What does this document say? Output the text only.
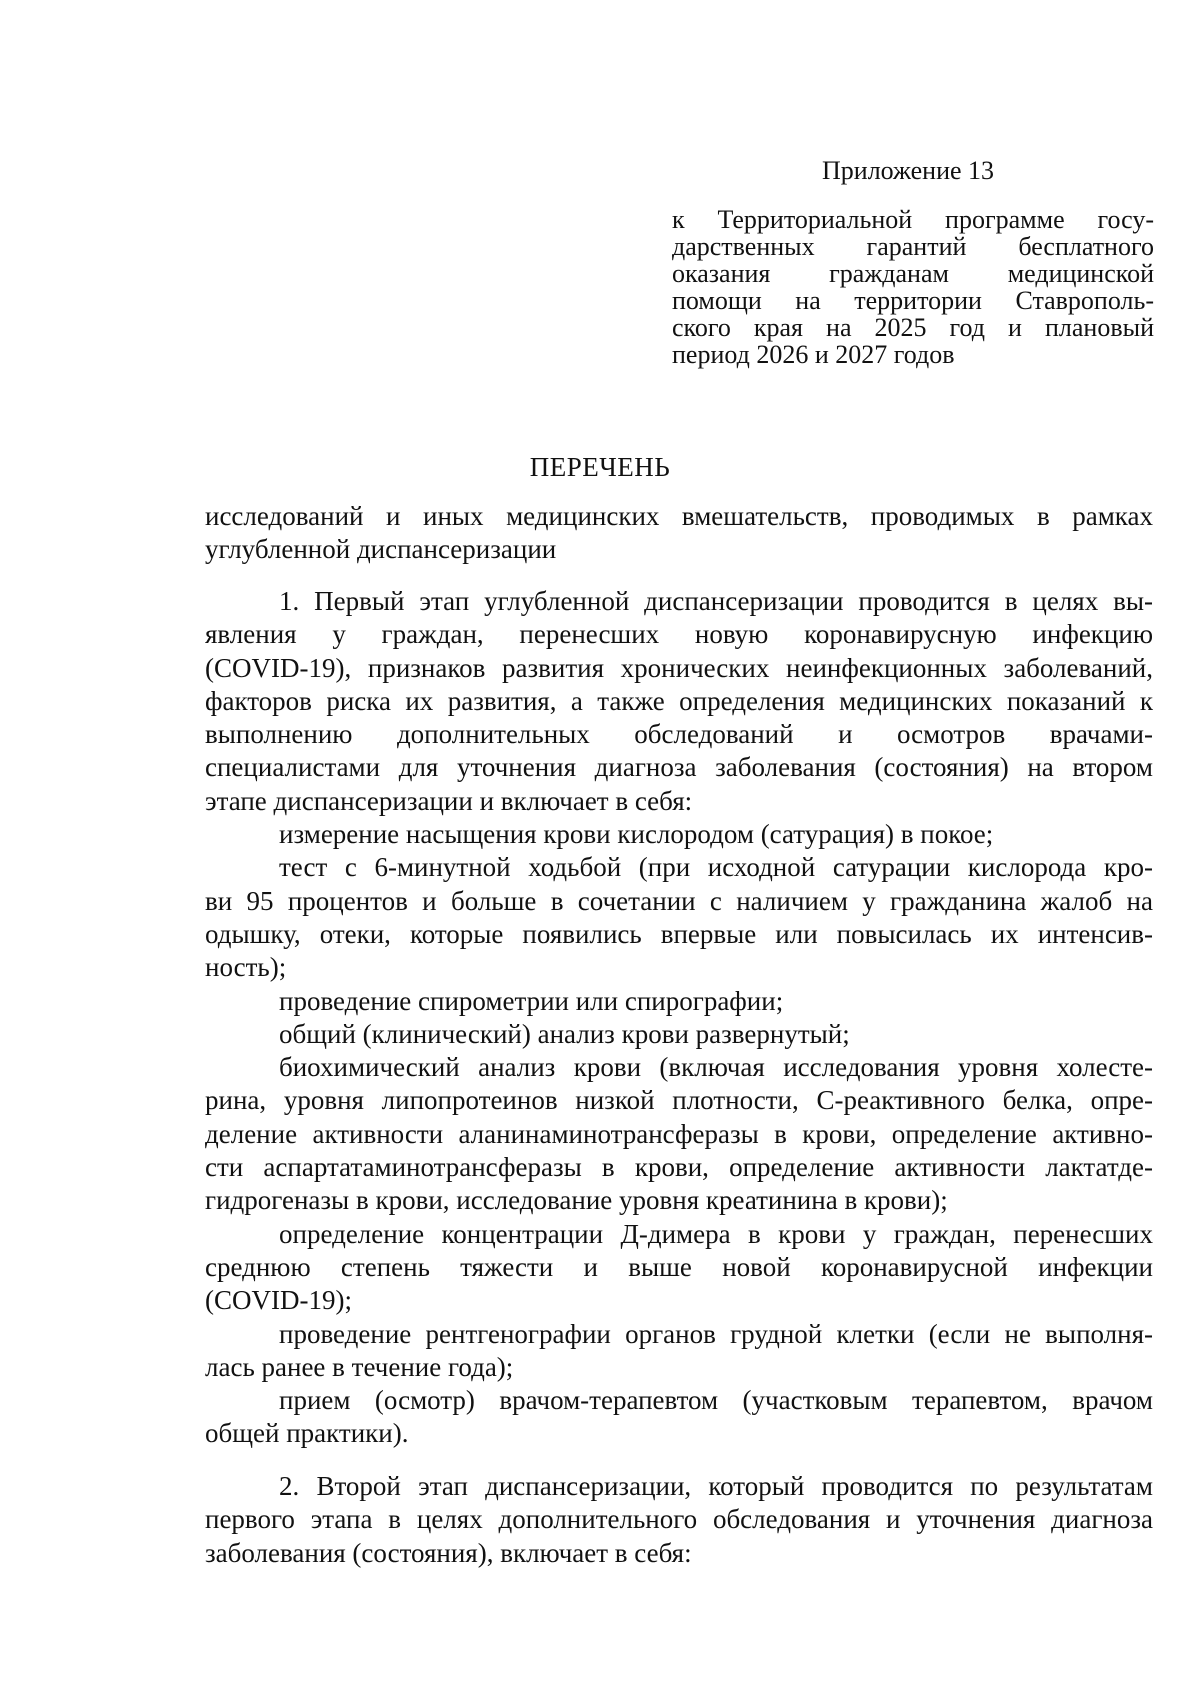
Приложение 13
к Территориальной программе госу-
дарственных гарантий бесплатного
оказания гражданам медицинской
помощи на территории Ставрополь-
ского края на 2025 год и плановый
период 2026 и 2027 годов
ПЕРЕЧЕНЬ
исследований и иных медицинских вмешательств, проводимых в рамках
углубленной диспансеризации
1. Первый этап углубленной диспансеризации проводится в целях вы-
явления у граждан, перенесших новую коронавирусную инфекцию
(COVID-19), признаков развития хронических неинфекционных заболеваний,
факторов риска их развития, а также определения медицинских показаний к
выполнению дополнительных обследований и осмотров врачами-
специалистами для уточнения диагноза заболевания (состояния) на втором
этапе диспансеризации и включает в себя:
измерение насыщения крови кислородом (сатурация) в покое;
тест с 6-минутной ходьбой (при исходной сатурации кислорода кро-
ви 95 процентов и больше в сочетании с наличием у гражданина жалоб на
одышку, отеки, которые появились впервые или повысилась их интенсив-
ность);
проведение спирометрии или спирографии;
общий (клинический) анализ крови развернутый;
биохимический анализ крови (включая исследования уровня холесте-
рина, уровня липопротеинов низкой плотности, С-реактивного белка, опре-
деление активности аланинаминотрансферазы в крови, определение активно-
сти аспартатаминотрансферазы в крови, определение активности лактатде-
гидрогеназы в крови, исследование уровня креатинина в крови);
определение концентрации Д-димера в крови у граждан, перенесших
среднюю степень тяжести и выше новой коронавирусной инфекции
(COVID-19);
проведение рентгенографии органов грудной клетки (если не выполня-
лась ранее в течение года);
прием (осмотр) врачом-терапевтом (участковым терапевтом, врачом
общей практики).
2. Второй этап диспансеризации, который проводится по результатам
первого этапа в целях дополнительного обследования и уточнения диагноза
заболевания (состояния), включает в себя:
